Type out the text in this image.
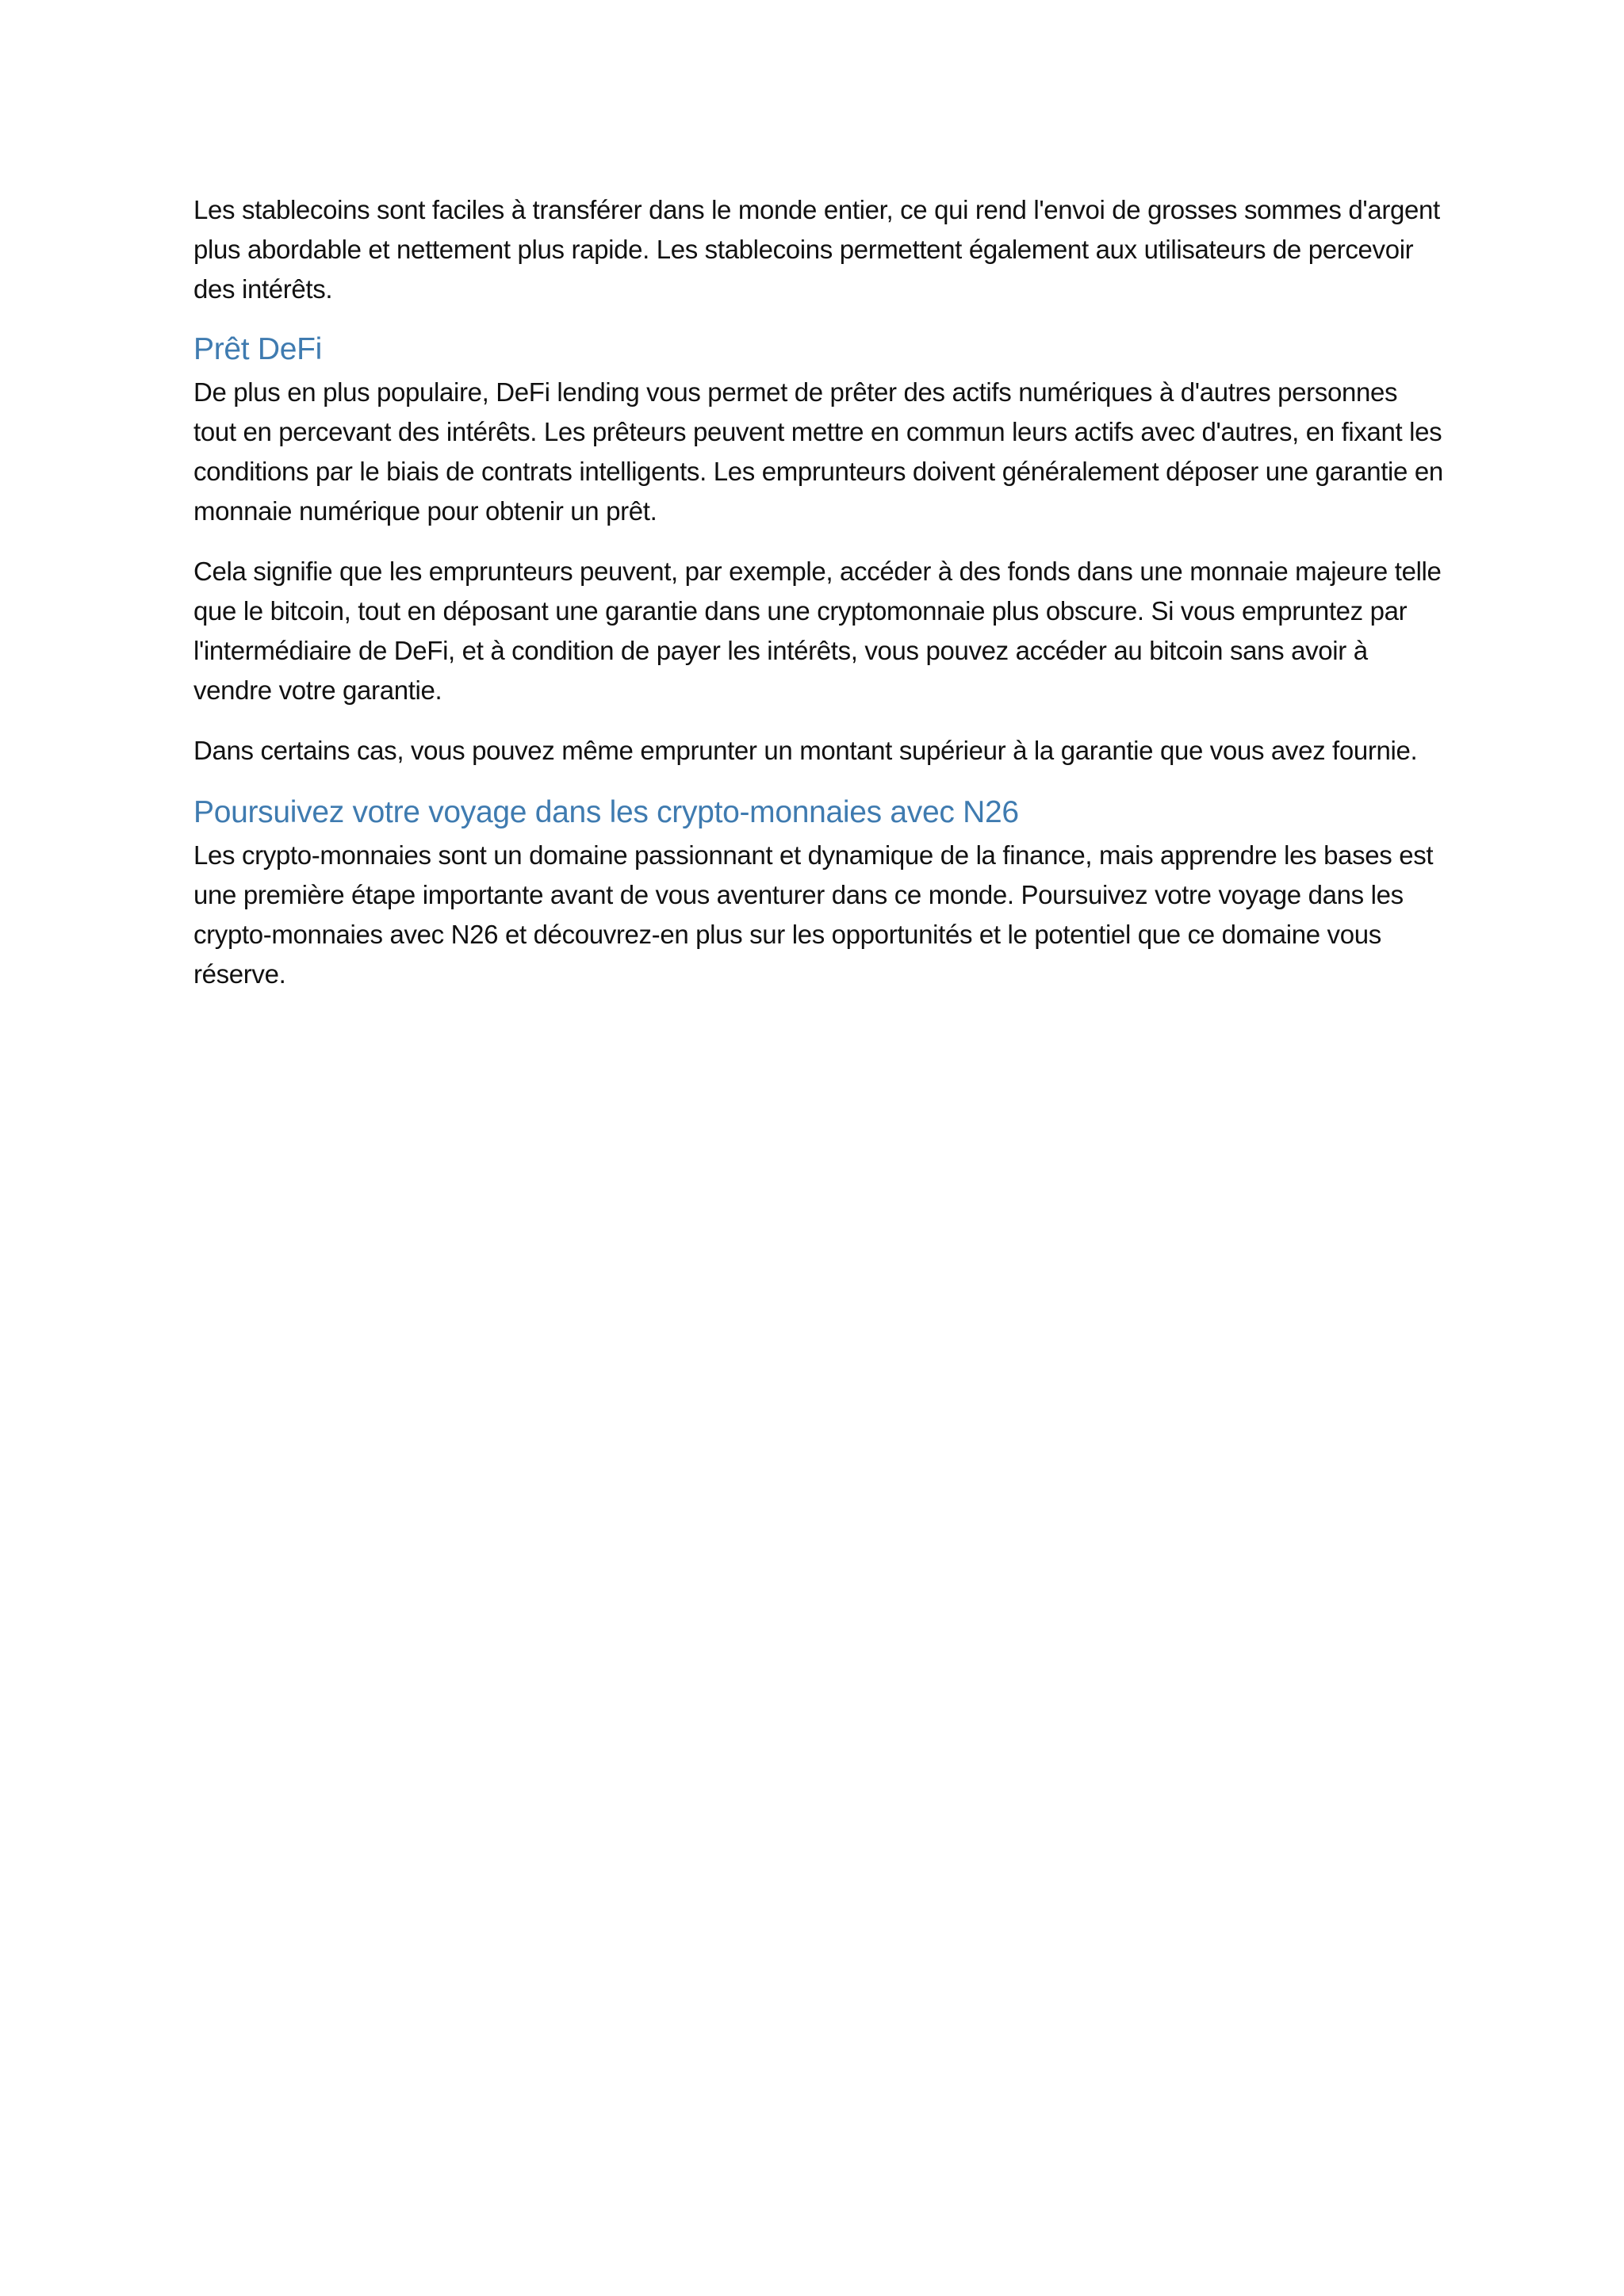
Les stablecoins sont faciles à transférer dans le monde entier, ce qui rend l'envoi de grosses sommes d'argent plus abordable et nettement plus rapide. Les stablecoins permettent également aux utilisateurs de percevoir des intérêts.

Prêt DeFi

De plus en plus populaire, DeFi lending vous permet de prêter des actifs numériques à d'autres personnes tout en percevant des intérêts. Les prêteurs peuvent mettre en commun leurs actifs avec d'autres, en fixant les conditions par le biais de contrats intelligents. Les emprunteurs doivent généralement déposer une garantie en monnaie numérique pour obtenir un prêt.

Cela signifie que les emprunteurs peuvent, par exemple, accéder à des fonds dans une monnaie majeure telle que le bitcoin, tout en déposant une garantie dans une cryptomonnaie plus obscure. Si vous empruntez par l'intermédiaire de DeFi, et à condition de payer les intérêts, vous pouvez accéder au bitcoin sans avoir à vendre votre garantie.

Dans certains cas, vous pouvez même emprunter un montant supérieur à la garantie que vous avez fournie.

Poursuivez votre voyage dans les crypto-monnaies avec N26

Les crypto-monnaies sont un domaine passionnant et dynamique de la finance, mais apprendre les bases est une première étape importante avant de vous aventurer dans ce monde. Poursuivez votre voyage dans les crypto-monnaies avec N26 et découvrez-en plus sur les opportunités et le potentiel que ce domaine vous réserve.
